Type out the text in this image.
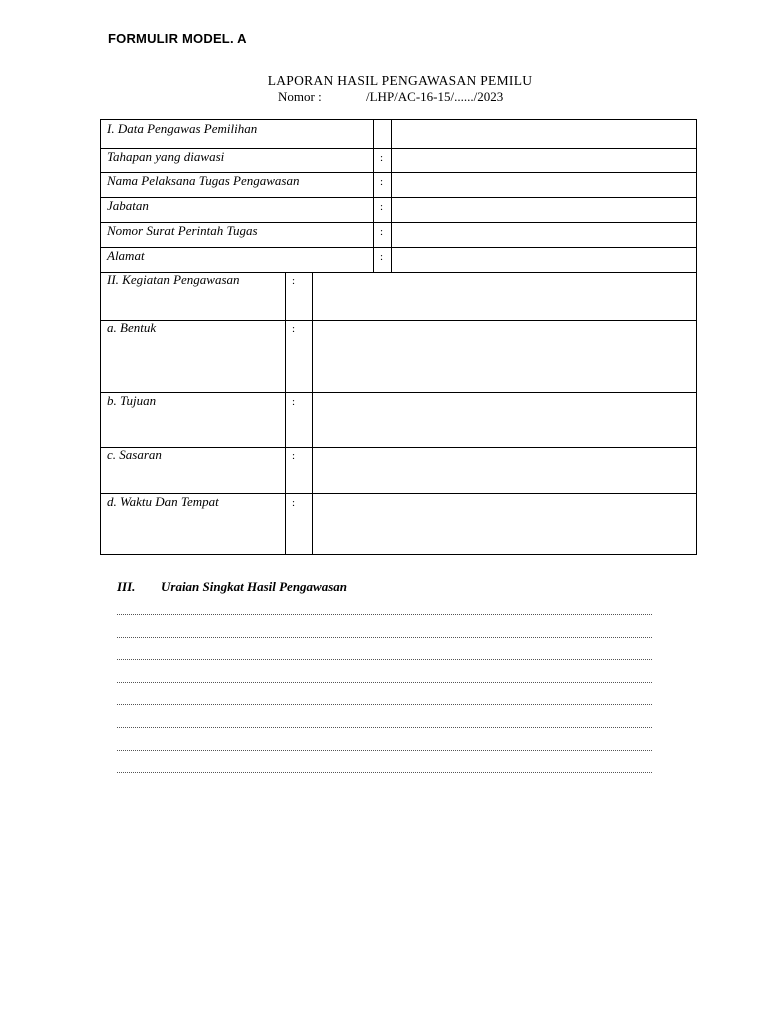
FORMULIR MODEL. A
LAPORAN HASIL PENGAWASAN PEMILU
Nomor :	/LHP/AC-16-15/....../2023
I. Data Pengawas Pemilihan
Tahapan yang diawasi	:
Nama Pelaksana Tugas Pengawasan	:
Jabatan	:
Nomor Surat Perintah Tugas	:
Alamat	:
II. Kegiatan Pengawasan	:
a. Bentuk	:
b. Tujuan	:
c. Sasaran	:
d. Waktu Dan Tempat	:
III. Uraian Singkat Hasil Pengawasan
